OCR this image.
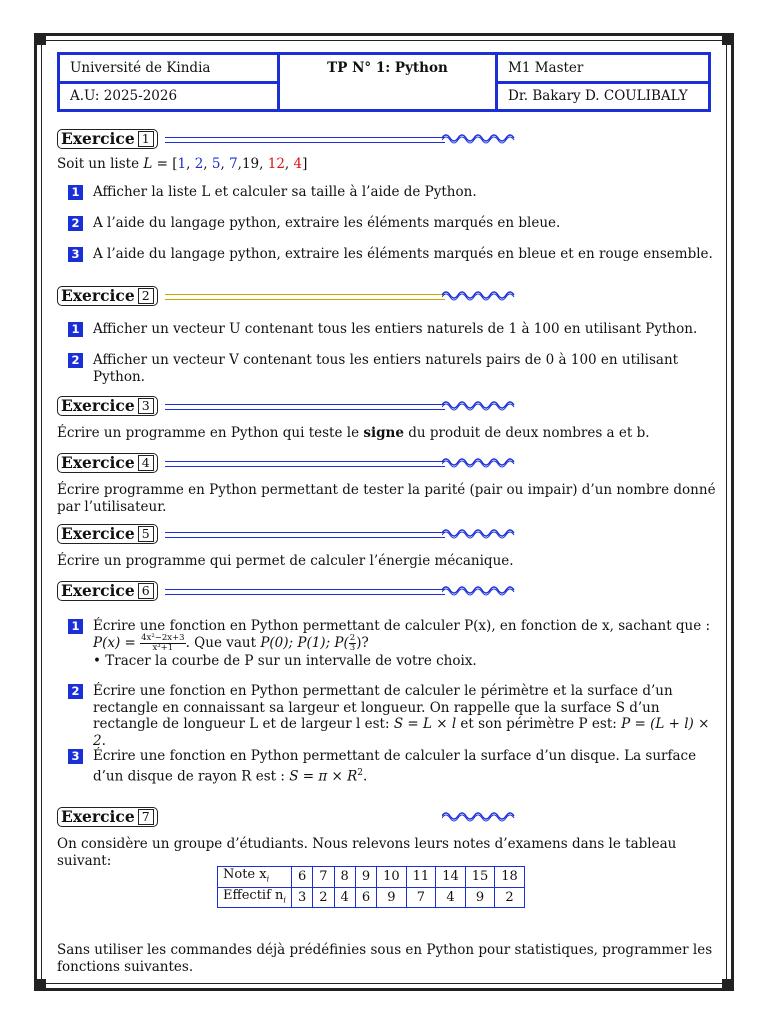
Université de Kindia	TP N° 1: Python	M1 Master
A.U: 2025-2026		Dr. Bakary D. COULIBALY
Exercice 1
Soit un liste L = [1, 2, 5, 7,19, 12, 4]
1 Afficher la liste L et calculer sa taille à l’aide de Python.
2 A l’aide du langage python, extraire les éléments marqués en bleue.
3 A l’aide du langage python, extraire les éléments marqués en bleue et en rouge ensemble.
Exercice 2
1 Afficher un vecteur U contenant tous les entiers naturels de 1 à 100 en utilisant Python.
2 Afficher un vecteur V contenant tous les entiers naturels pairs de 0 à 100 en utilisant Python.
Exercice 3
Écrire un programme en Python qui teste le signe du produit de deux nombres a et b.
Exercice 4
Écrire programme en Python permettant de tester la parité (pair ou impair) d’un nombre donné par l’utilisateur.
Exercice 5
Écrire un programme qui permet de calculer l’énergie mécanique.
Exercice 6
1 Écrire une fonction en Python permettant de calculer P(x), en fonction de x, sachant que :
$P(x) = \frac{\text{4x²−2x+3}}{\text{x³+1}}$ . Que vaut P(0); P(1); $P( \frac{2}{3}$ )?
• Tracer la courbe de P sur un intervalle de votre choix.
2 Écrire une fonction en Python permettant de calculer le périmètre et la surface d’un rectangle en connaissant sa largeur et longueur. On rappelle que la surface S d’un rectangle de longueur L et de largeur l est: S = L × l et son périmètre P est: P = (L + l) × 2.
3 Écrire une fonction en Python permettant de calculer la surface d’un disque. La surface d’un disque de rayon R est : $S = \pi \times R^2$.
Exercice 7
On considère un groupe d’étudiants. Nous relevons leurs notes d’examens dans le tableau suivant:
Note $x_i$	6	7	8	9	10	11	14	15	18
Effectif $n_i$	3	2	4	6	9	7	4	9	2
Sans utiliser les commandes déjà prédéfinies sous en Python pour statistiques, programmer les fonctions suivantes.
